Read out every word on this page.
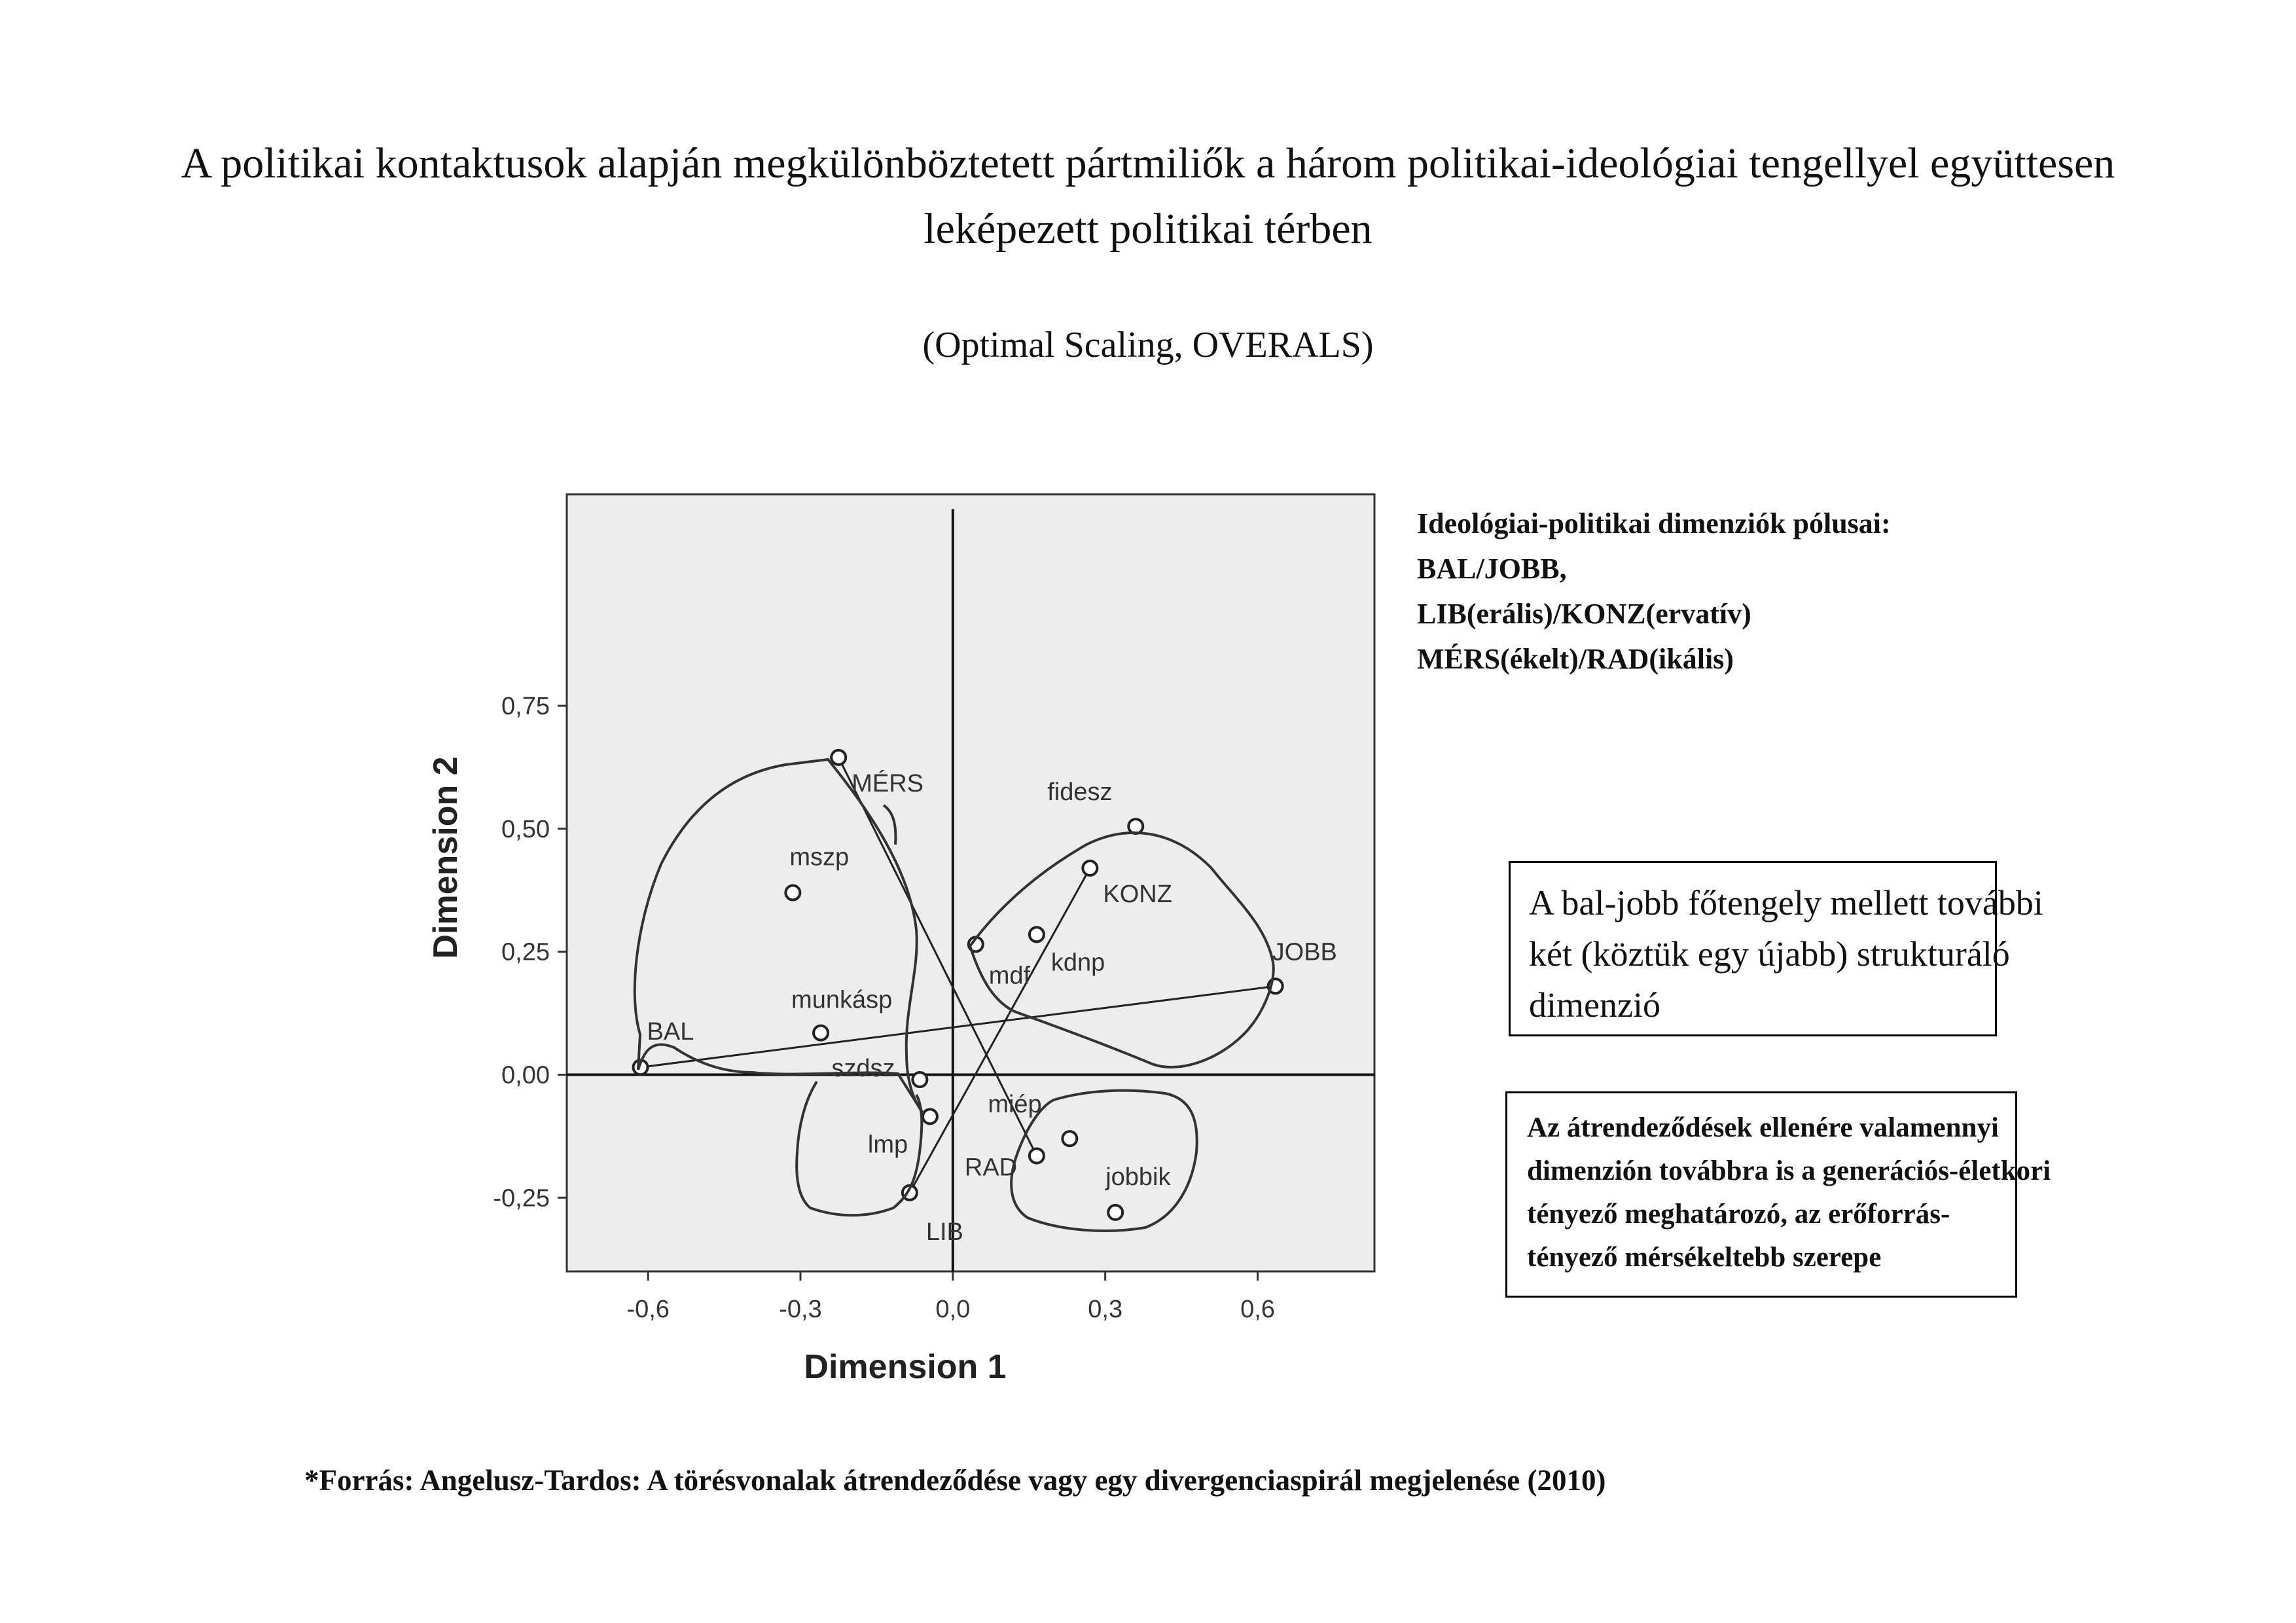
A politikai kontaktusok alapján megkülönböztetett pártmiliők a három politikai-ideológiai tengellyel együttesen
leképezett politikai térben
(Optimal Scaling, OVERALS)
-0,6	-0,3	0,0	0,3	0,6
0,75
0,50
0,25
0,00
-0,25
Dimension 1
Dimension 2
BAL
JOBB
MÉRS
RAD
LIB
KONZ
fidesz
mszp
munkásp
mdf kdnp
szdsz
lmp
miép
jobbik
Ideológiai-politikai dimenziók pólusai:
BAL/JOBB,
LIB(erális)/KONZ(ervatív)
MÉRS(ékelt)/RAD(ikális)
A bal-jobb főtengely mellett további
két (köztük egy újabb) strukturáló
dimenzió
Az átrendeződések ellenére valamennyi
dimenzión továbbra is a generációs-életkori
tényező meghatározó, az erőforrás-
tényező mérsékeltebb szerepe
*Forrás: Angelusz-Tardos: A törésvonalak átrendeződése vagy egy divergenciaspirál megjelenése (2010)
